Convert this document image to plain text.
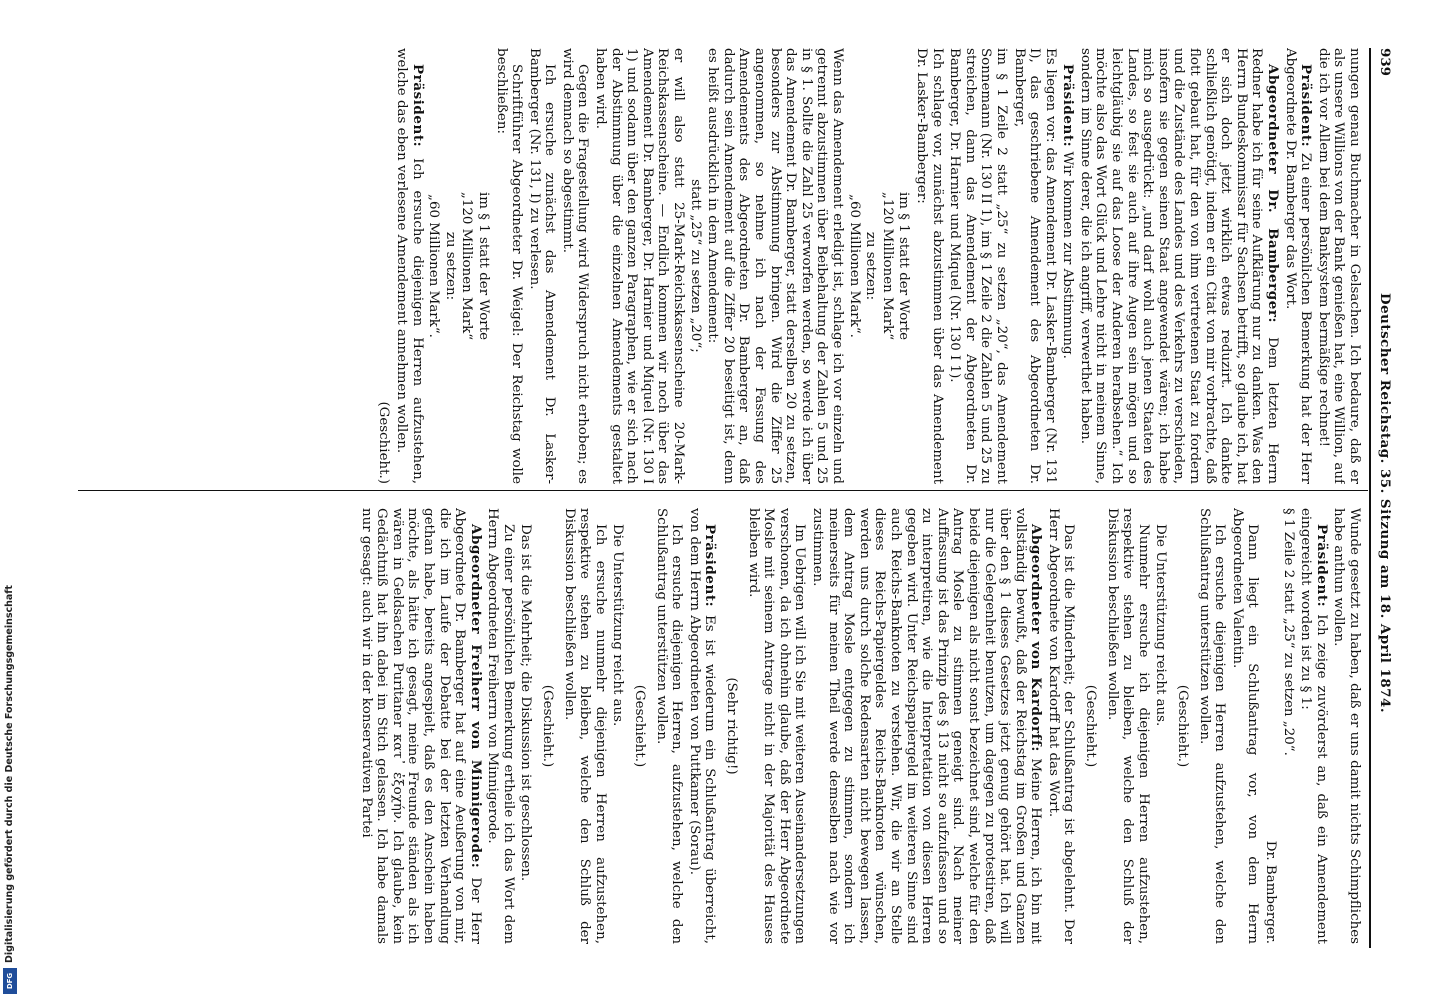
939
Deutscher Reichstag. 35. Sitzung am 18. April 1874.

nungen genau Buchmacher in Gelsachen. Ich bedaure, daß er als unsere Willions von der Bank genießen hat, eine Willion, auf die ich vor Allem bei dem Banksystem bermäßige rechnet!

Präsident: Zu einer persönlichen Bemerkung hat der Herr Abgeordnete Dr. Bamberger das Wort.

Abgeordneter Dr. Bamberger: Dem letzten Herrn Redner habe ich für seine Aufklärung nur zu danken. Was den Herrn Bundeskommissar für Sachsen betrifft, so glaube ich, hat er sich doch jetzt wirklich etwas reduzirt. Ich dankte schließlich genötigt, indem er ein Citat von mir vorbrachte, daß flott gebaut hat, für den von ihm vertretenen Staat zu fordern und die Zustände des Landes und des Verkehrs zu verschieden, insofern sie gegen seinen Staat angewendet wären; ich habe mich so ausgedrückt: „und darf wohl auch jenen Staaten des Landes, so fest sie auch auf ihre Augen sein mögen und so leichtgläubig sie auf das Loose der Anderen herabsehen.“ Ich möchte also das Wort Glück und Lehre nicht in meinem Sinne, sondern im Sinne derer, die ich angriff, verwerthet haben.

Präsident: Wir kommen zur Abstimmung.

Es liegen vor: das Amendement Dr. Lasker-Bamberger (Nr. 131 I), das geschriebene Amendement des Abgeordneten Dr. Bamberger,

im § 1 Zeile 2 statt „25“ zu setzen „20“, das Amendement Sonnemann (Nr. 130 II 1), im § 1 Zeile 2 die Zahlen 5 und 25 zu streichen, dann das Amendement der Abgeordneten Dr. Bamberger, Dr. Harnier und Miquel (Nr. 130 I 1).

Ich schlage vor, zunächst abzustimmen über das Amendement Dr. Lasker-Bamberger:

im § 1 statt der Worte

„120 Millionen Mark“

zu setzen:

„60 Millionen Mark“.

Wenn das Amendement erledigt ist, schlage ich vor einzeln und getrennt abzustimmen über Beibehaltung der Zahlen 5 und 25 in § 1. Sollte die Zahl 25 verworfen werden, so werde ich über das Amendement Dr. Bamberger, statt derselben 20 zu setzen, besonders zur Abstimmung bringen. Wird die Ziffer 25 angenommen, so nehme ich nach der Fassung des Amendements des Abgeordneten Dr. Bamberger an, daß dadurch sein Amendement auf die Ziffer 20 beseitigt ist, denn es heißt ausdrücklich in dem Amendement:

statt „25“ zu setzen „20“;

er will also statt 25-Mark-Reichskassenscheine 20-Mark-Reichskassenscheine. — Endlich kommen wir noch über das Amendement Dr. Bamberger, Dr. Harnier und Miquel (Nr. 130 I 1) und sodann über den ganzen Paragraphen, wie er sich nach der Abstimmung über die einzelnen Amendements gestaltet haben wird.

Gegen die Fragestellung wird Widerspruch nicht erhoben; es wird demnach so abgestimmt.

Ich ersuche zunächst das Amendement Dr. Lasker-Bamberger (Nr. 131, I) zu verlesen.

Schriftführer Abgeordneter Dr. Weigel: Der Reichstag wolle beschließen:

im § 1 statt der Worte

„120 Millionen Mark“

zu setzen:

„60 Millionen Mark“.

Präsident: Ich ersuche diejenigen Herren aufzustehen, welche das eben verlesene Amendement annehmen wollen.

(Geschieht.)

Wunde gesetzt zu haben, daß er uns damit nichts Schimpfliches habe anthun wollen.

Präsident: Ich zeige zuvörderst an, daß ein Amendement eingereicht worden ist zu § 1:

§ 1 Zeile 2 statt „25“ zu setzen „20“.

Dr. Bamberger.

Dann liegt ein Schlußantrag vor, von dem Herrn Abgeordneten Valentin.

Ich ersuche diejenigen Herren aufzustehen, welche den Schlußantrag unterstützen wollen.

(Geschieht.)

Die Unterstützung reicht aus.

Nunmehr ersuche ich diejenigen Herren aufzustehen, respektive stehen zu bleiben, welche den Schluß der Diskussion beschließen wollen.

(Geschieht.)

Das ist die Minderheit; der Schlußantrag ist abgelehnt. Der Herr Abgeordnete von Kardorff hat das Wort.

Abgeordneter von Kardorff: Meine Herren, ich bin mit vollständig bewußt, daß der Reichstag im Großen und Ganzen über den § 1 dieses Gesetzes jetzt genug gehört hat. Ich will nur die Gelegenheit benutzen, um dagegen zu protestiren, daß beide diejenigen als nicht sonst bezeichnet sind, welche für den Antrag Mosle zu stimmen geneigt sind. Nach meiner Auffassung ist das Prinzip des § 13 nicht so aufzufassen und so zu interpretiren, wie die Interpretation von diesen Herren gegeben wird. Unter Reichspapiergeld im weiteren Sinne sind auch Reichs-Banknoten zu verstehen. Wir, die wir an Stelle dieses Reichs-Papiergeldes Reichs-Banknoten wünschen, werden uns durch solche Redensarten nicht bewegen lassen, dem Antrag Mosle entgegen zu stimmen, sondern ich meinerseits für meinen Theil werde demselben nach wie vor zustimmen.

Im Uebrigen will ich Sie mit weiteren Auseinandersetzungen verschonen, da ich ohnehin glaube, daß der Herr Abgeordnete Mosle mit seinem Antrage nicht in der Majorität des Hauses bleiben wird.

(Sehr richtig!)

Präsident: Es ist wiederum ein Schlußantrag überreicht, von dem Herrn Abgeordneten von Puttkamer (Sorau).

Ich ersuche diejenigen Herren, aufzustehen, welche den Schlußantrag unterstützen wollen.

(Geschieht.)

Die Unterstützung reicht aus.

Ich ersuche nunmehr diejenigen Herren aufzustehen, respektive stehen zu bleiben, welche den Schluß der Diskussion beschließen wollen.

(Geschieht.)

Das ist die Mehrheit; die Diskussion ist geschlossen.

Zu einer persönlichen Bemerkung ertheile ich das Wort dem Herrn Abgeordneten Freiherrn von Minnigerode.

Abgeordneter Freiherr von Minnigerode: Der Herr Abgeordnete Dr. Bamberger hat auf eine Aeußerung von mir, die ich im Laufe der Debatte bei der letzten Verhandlung gethan habe, bereits angespielt, daß es den Anschein haben möchte, als hätte ich gesagt, meine Freunde ständen als ich wären in Geldsachen Puritaner κατ᾽ ἐξοχήν. Ich glaube, kein Gedächtniß hat ihn dabei im Stich gelassen. Ich habe damals nur gesagt: auch wir in der konservativen Partei

Digitalisierung gefördert durch die Deutsche Forschungsgemeinschaft
DFG
